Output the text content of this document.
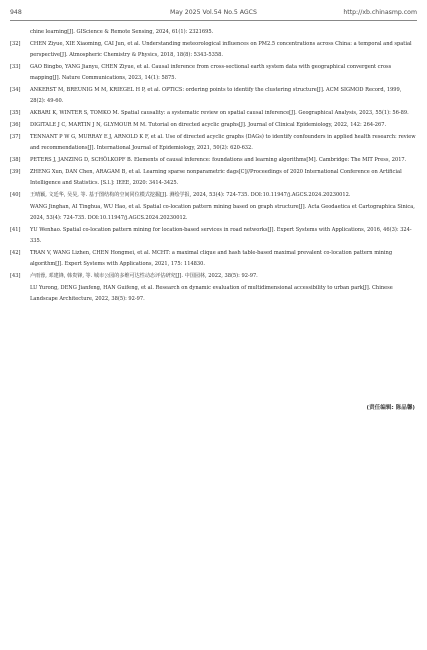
948	May 2025 Vol.54 No.5 AGCS	http://xb.chinasmp.com
chine learning[J]. GIScience & Remote Sensing, 2024, 61(1): 2321695.
[32]	CHEN Ziyue, XIE Xiaoming, CAI Jun, et al. Understanding meteorological influences on PM2.5 concentrations across China: a temporal and spatial perspective[J]. Atmospheric Chemistry & Physics, 2018, 18(8): 5343-5358.
[33]	GAO Bingbo, YANG Jianyu, CHEN Ziyue, et al. Causal inference from cross-sectional earth system data with geographical convergent cross mapping[J]. Nature Communications, 2023, 14(1): 5875.
[34]	ANKERST M, BREUNIG M M, KRIEGEL H P, et al. OPTICS: ordering points to identify the clustering structure[J]. ACM SIGMOD Record, 1999, 28(2): 49-60.
[35]	AKBARI K, WINTER S, TOMKO M. Spatial causality: a systematic review on spatial causal inference[J]. Geographical Analysis, 2023, 55(1): 56-89.
[36]	DIGITALE J C, MARTIN J N, GLYMOUR M M. Tutorial on directed acyclic graphs[J]. Journal of Clinical Epidemiology, 2022, 142: 264-267.
[37]	TENNANT P W G, MURRAY E J, ARNOLD K F, et al. Use of directed acyclic graphs (DAGs) to identify confounders in applied health research: review and recommendations[J]. International Journal of Epidemiology, 2021, 50(2): 620-632.
[38]	PETERS J, JANZING D, SCHÖLKOPF B. Elements of causal inference: foundations and learning algorithms[M]. Cambridge: The MIT Press, 2017.
[39]	ZHENG Xun, DAN Chen, ARAGAM B, et al. Learning sparse nonparametric dags[C]//Proceedings of 2020 International Conference on Artificial Intelligence and Statistics. [S.l.]: IEEE, 2020: 3414-3425.
[40]	王晴颖, 文廷华, 吴昊, 等. 基于图结构的空间同位模式挖掘[J]. 测绘学报, 2024, 53(4): 724-735. DOI:10.11947/j.AGCS.2024.20230012.
WANG Jinghan, AI Tinghua, WU Hao, et al. Spatial co-location pattern mining based on graph structure[J]. Acta Geodaetica et Cartographica Sinica, 2024, 53(4): 724-735. DOI:10.11947/j.AGCS.2024.20230012.
[41]	YU Wenhao. Spatial co-location pattern mining for location-based services in road networks[J]. Expert Systems with Applications, 2016, 46(3): 324-335.
[42]	TRAN V, WANG Lizhen, CHEN Hongmei, et al. MCHT: a maximal clique and hash table-based maximal prevalent co-location pattern mining algorithm[J]. Expert Systems with Applications, 2021, 175: 114830.
[43]	卢雨蓉, 邓建锋, 韩贵锋, 等. 城市公园的多维可达性动态评估研究[J]. 中国园林, 2022, 38(5): 92-97.
LU Yurong, DENG Jianfeng, HAN Guifeng, et al. Research on dynamic evaluation of multidimensional accessibility to urban park[J]. Chinese Landscape Architecture, 2022, 38(5): 92-97.
(责任编辑: 陈品馨)
